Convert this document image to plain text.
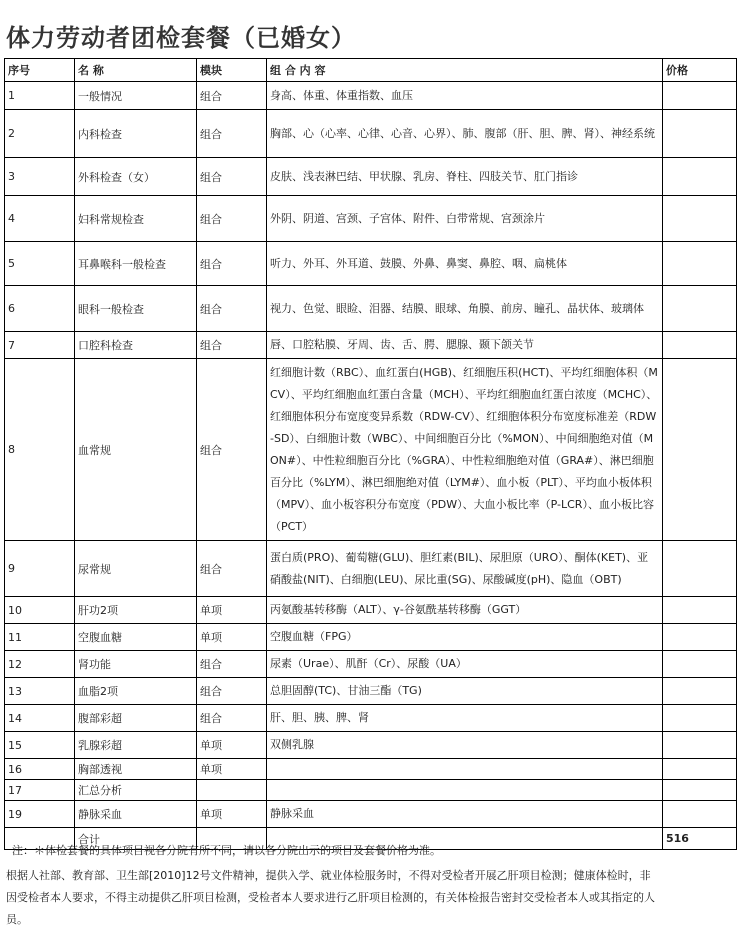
体力劳动者团检套餐（已婚女）
序号	名 称	模块	组 合 内 容	价格
1	一般情况	组合	身高、体重、体重指数、血压	
2	内科检查	组合	胸部、心（心率、心律、心音、心界）、肺、腹部（肝、胆、脾、肾）、神经系统	
3	外科检查（女）	组合	皮肤、浅表淋巴结、甲状腺、乳房、脊柱、四肢关节、肛门指诊	
4	妇科常规检查	组合	外阴、阴道、宫颈、子宫体、附件、白带常规、宫颈涂片	
5	耳鼻喉科一般检查	组合	听力、外耳、外耳道、鼓膜、外鼻、鼻窦、鼻腔、咽、扁桃体	
6	眼科一般检查	组合	视力、色觉、眼睑、泪器、结膜、眼球、角膜、前房、瞳孔、晶状体、玻璃体	
7	口腔科检查	组合	唇、口腔粘膜、牙周、齿、舌、腭、腮腺、颞下颌关节	
8	血常规	组合	红细胞计数（RBC）、血红蛋白(HGB)、红细胞压积(HCT)、平均红细胞体积（MCV）、平均红细胞血红蛋白含量（MCH）、平均红细胞血红蛋白浓度（MCHC）、红细胞体积分布宽度变异系数（RDW-CV）、红细胞体积分布宽度标准差（RDW-SD）、白细胞计数（WBC）、中间细胞百分比（%MON）、中间细胞绝对值（MON#）、中性粒细胞百分比（%GRA）、中性粒细胞绝对值（GRA#）、淋巴细胞百分比（%LYM）、淋巴细胞绝对值（LYM#）、血小板（PLT）、平均血小板体积（MPV）、血小板容积分布宽度（PDW）、大血小板比率（P-LCR）、血小板比容（PCT）	
9	尿常规	组合	蛋白质(PRO)、葡萄糖(GLU)、胆红素(BIL)、尿胆原（URO）、酮体(KET)、亚硝酸盐(NIT)、白细胞(LEU)、尿比重(SG)、尿酸碱度(pH)、隐血（OBT)	
10	肝功2项	单项	丙氨酸基转移酶（ALT）、γ-谷氨酰基转移酶（GGT）	
11	空腹血糖	单项	空腹血糖（FPG）	
12	肾功能	组合	尿素（Urae）、肌酐（Cr）、尿酸（UA）	
13	血脂2项	组合	总胆固醇(TC)、甘油三酯（TG)	
14	腹部彩超	组合	肝、胆、胰、脾、肾	
15	乳腺彩超	单项	双侧乳腺	
16	胸部透视	单项		
17	汇总分析			
19	静脉采血	单项	静脉采血	
	合计			516

注：＊体检套餐的具体项目视各分院有所不同，请以各分院出示的项目及套餐价格为准。

根据人社部、教育部、卫生部[2010]12号文件精神，提供入学、就业体检服务时，不得对受检者开展乙肝项目检测；健康体检时，非因受检者本人要求，不得主动提供乙肝项目检测，受检者本人要求进行乙肝项目检测的，有关体检报告密封交受检者本人或其指定的人员。
